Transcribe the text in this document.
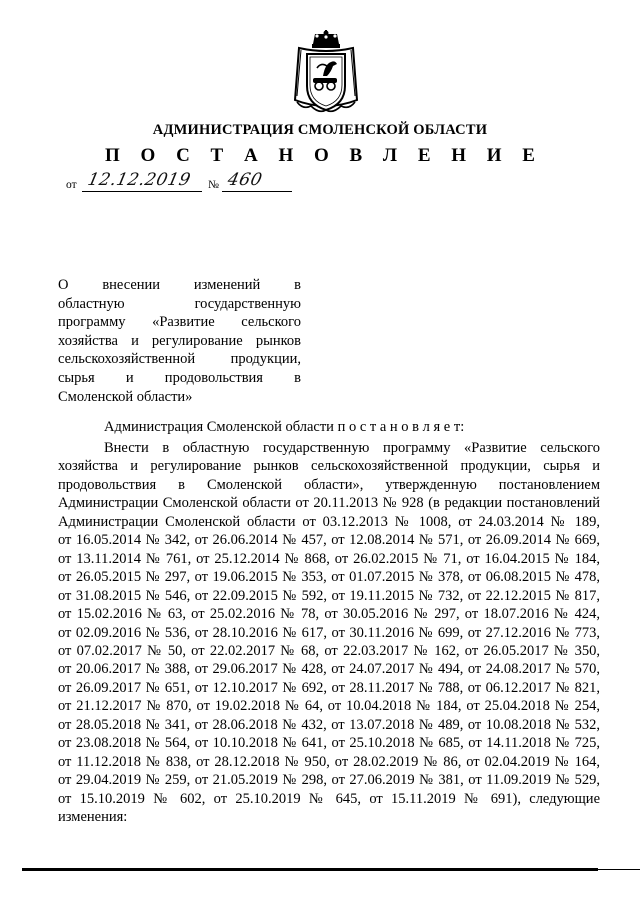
АДМИНИСТРАЦИЯ СМОЛЕНСКОЙ ОБЛАСТИ
П О С Т А Н О В Л Е Н И Е
от 12.12.2019 № 460
О внесении изменений в
областную государственную
программу «Развитие сельского
хозяйства и регулирование рынков
сельскохозяйственной продукции,
сырья и продовольствия в
Смоленской области»
Администрация Смоленской области п о с т а н о в л я е т:
Внести в областную государственную программу «Развитие сельского
хозяйства и регулирование рынков сельскохозяйственной продукции, сырья и
продовольствия в Смоленской области», утвержденную постановлением
Администрации Смоленской области от 20.11.2013 № 928 (в редакции постановлений
Администрации Смоленской области от 03.12.2013 № 1008, от 24.03.2014 № 189,
от 16.05.2014 № 342, от 26.06.2014 № 457, от 12.08.2014 № 571, от 26.09.2014 № 669,
от 13.11.2014 № 761, от 25.12.2014 № 868, от 26.02.2015 № 71, от 16.04.2015 № 184,
от 26.05.2015 № 297, от 19.06.2015 № 353, от 01.07.2015 № 378, от 06.08.2015 № 478,
от 31.08.2015 № 546, от 22.09.2015 № 592, от 19.11.2015 № 732, от 22.12.2015 № 817,
от 15.02.2016 № 63, от 25.02.2016 № 78, от 30.05.2016 № 297, от 18.07.2016 № 424,
от 02.09.2016 № 536, от 28.10.2016 № 617, от 30.11.2016 № 699, от 27.12.2016 № 773,
от 07.02.2017 № 50, от 22.02.2017 № 68, от 22.03.2017 № 162, от 26.05.2017 № 350,
от 20.06.2017 № 388, от 29.06.2017 № 428, от 24.07.2017 № 494, от 24.08.2017 № 570,
от 26.09.2017 № 651, от 12.10.2017 № 692, от 28.11.2017 № 788, от 06.12.2017 № 821,
от 21.12.2017 № 870, от 19.02.2018 № 64, от 10.04.2018 № 184, от 25.04.2018 № 254,
от 28.05.2018 № 341, от 28.06.2018 № 432, от 13.07.2018 № 489, от 10.08.2018 № 532,
от 23.08.2018 № 564, от 10.10.2018 № 641, от 25.10.2018 № 685, от 14.11.2018 № 725,
от 11.12.2018 № 838, от 28.12.2018 № 950, от 28.02.2019 № 86, от 02.04.2019 № 164,
от 29.04.2019 № 259, от 21.05.2019 № 298, от 27.06.2019 № 381, от 11.09.2019 № 529,
от 15.10.2019 № 602, от 25.10.2019 № 645, от 15.11.2019 № 691), следующие
изменения:
